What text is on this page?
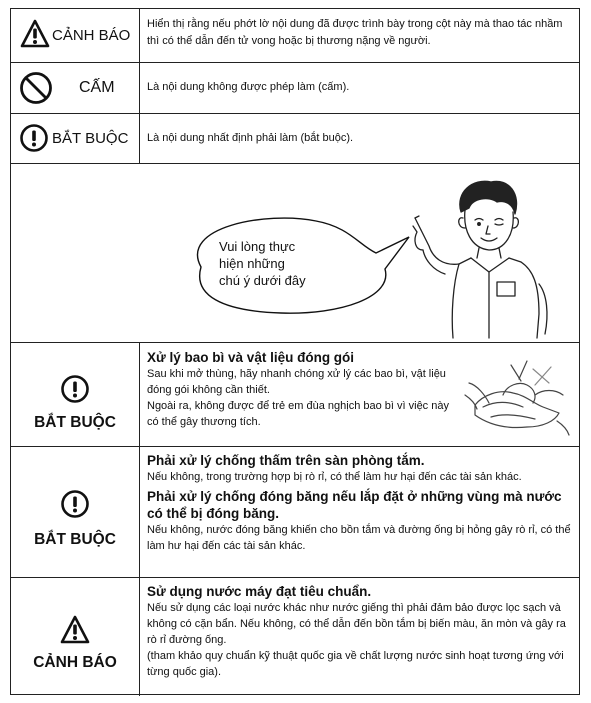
CẢNH BÁO
Hiển thị rằng nếu phớt lờ nội dung đã được trình bày trong cột này mà thao tác nhầm thì có thể dẫn đến tử vong hoặc bị thương nặng về người.
CẤM	Là nội dung không được phép làm (cấm).
BẮT BUỘC Là nội dung nhất định phải làm (bắt buộc).
Vui lòng thực
hiện những
chú ý dưới đây
BẮT BUỘC

Xử lý bao bì và vật liệu đóng gói

Sau khi mở thùng, hãy nhanh chóng xử lý các bao bì, vật liệu đóng gói không cần thiết.

Ngoài ra, không được để trẻ em đùa nghịch bao bì vì việc này có thể gây thương tích.

BẮT BUỘC

Phải xử lý chống thấm trên sàn phòng tắm.

Nếu không, trong trường hợp bị rò rỉ, có thể làm hư hại đến các tài sản khác.

Phải xử lý chống đóng băng nếu lắp đặt ở những vùng mà nước có thể bị đóng băng.

Nếu không, nước đóng băng khiến cho bồn tắm và đường ống bị hỏng gây rò rỉ, có thể làm hư hại đến các tài sản khác.

CẢNH BÁO

Sử dụng nước máy đạt tiêu chuẩn.

Nếu sử dụng các loại nước khác như nước giếng thì phải đảm bảo được lọc sạch và không có cặn bẩn. Nếu không, có thể dẫn đến bồn tắm bị biến màu, ăn mòn và gây ra rò rỉ đường ống.

(tham khảo quy chuẩn kỹ thuật quốc gia về chất lượng nước sinh hoạt tương ứng với từng quốc gia).
